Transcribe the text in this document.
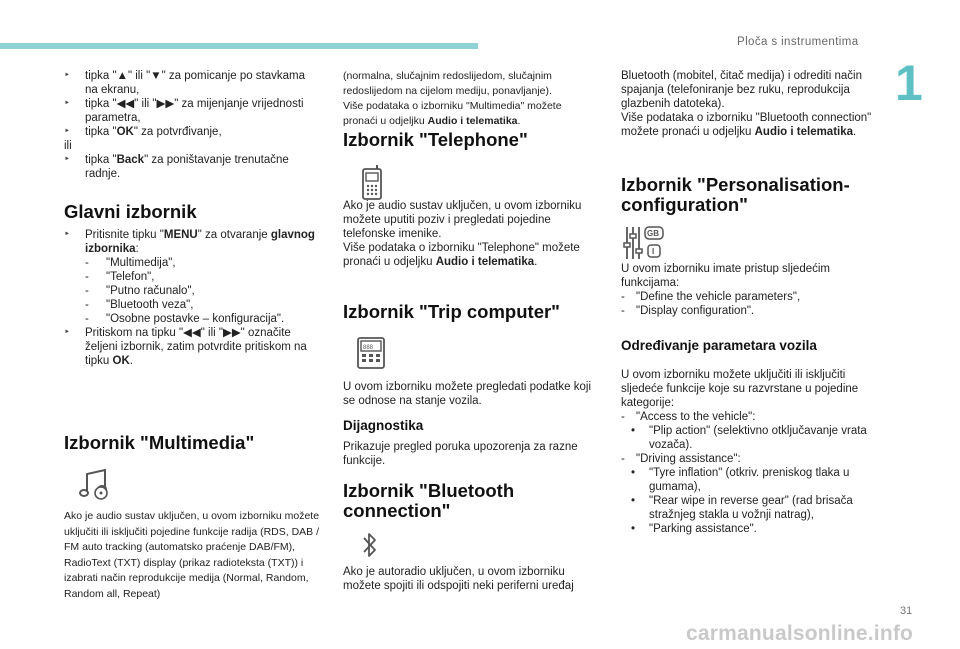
Ploča s instrumentima
1
‣	tipka "▲" ili "▼" za pomicanje po stavkama na ekranu,
‣	tipka "◀◀" ili "▶▶" za mijenjanje vrijednosti parametra,
‣	tipka "OK" za potvrđivanje,

ili

‣	tipka "Back" za poništavanje trenutačne radnje.
Glavni izbornik
‣	Pritisnite tipku "MENU" za otvaranje glavnog izbornika:
-	"Multimedija",
-	"Telefon",
-	"Putno računalo",
-	"Bluetooth veza",
-	"Osobne postavke – konfiguracija".
‣	Pritiskom na tipku "◀◀" ili "▶▶" označite željeni izbornik, zatim potvrdite pritiskom na tipku OK.
Izbornik "Multimedia"

Ako je audio sustav uključen, u ovom izborniku možete uključiti ili isključiti pojedine funkcije radija (RDS, DAB / FM auto tracking (automatsko praćenje DAB/FM), RadioText (TXT) display (prikaz radioteksta (TXT)) i izabrati način reprodukcije medija (Normal, Random, Random all, Repeat)

(normalna, slučajnim redoslijedom, slučajnim redoslijedom na cijelom mediju, ponavljanje).

Više podataka o izborniku "Multimedia" možete pronaći u odjeljku Audio i telematika.

Izbornik "Telephone"

Ako je audio sustav uključen, u ovom izborniku možete uputiti poziv i pregledati pojedine telefonske imenike.

Više podataka o izborniku "Telephone" možete pronaći u odjeljku Audio i telematika.

Izbornik "Trip computer"
888

U ovom izborniku možete pregledati podatke koji se odnose na stanje vozila.

Dijagnostika

Prikazuje pregled poruka upozorenja za razne funkcije.

Izbornik "Bluetooth
connection"

Ako je autoradio uključen, u ovom izborniku možete spojiti ili odspojiti neki periferni uređaj

Bluetooth (mobitel, čitač medija) i odrediti način spajanja (telefoniranje bez ruku, reprodukcija glazbenih datoteka).

Više podataka o izborniku "Bluetooth connection" možete pronaći u odjeljku Audio i telematika.

Izbornik "Personalisation-
configuration"
GB
I

U ovom izborniku imate pristup sljedećim funkcijama:

- "Define the vehicle parameters",
- "Display configuration".
Određivanje parametara vozila

U ovom izborniku možete uključiti ili isključiti sljedeće funkcije koje su razvrstane u pojedine kategorije:

- "Access to the vehicle":
•	"Plip action" (selektivno otključavanje vrata vozača).
- "Driving assistance":
•	"Tyre inflation" (otkriv. preniskog tlaka u gumama),
•	"Rear wipe in reverse gear" (rad brisača stražnjeg stakla u vožnji natrag),
•	"Parking assistance".
31
carmanualsonline.info
